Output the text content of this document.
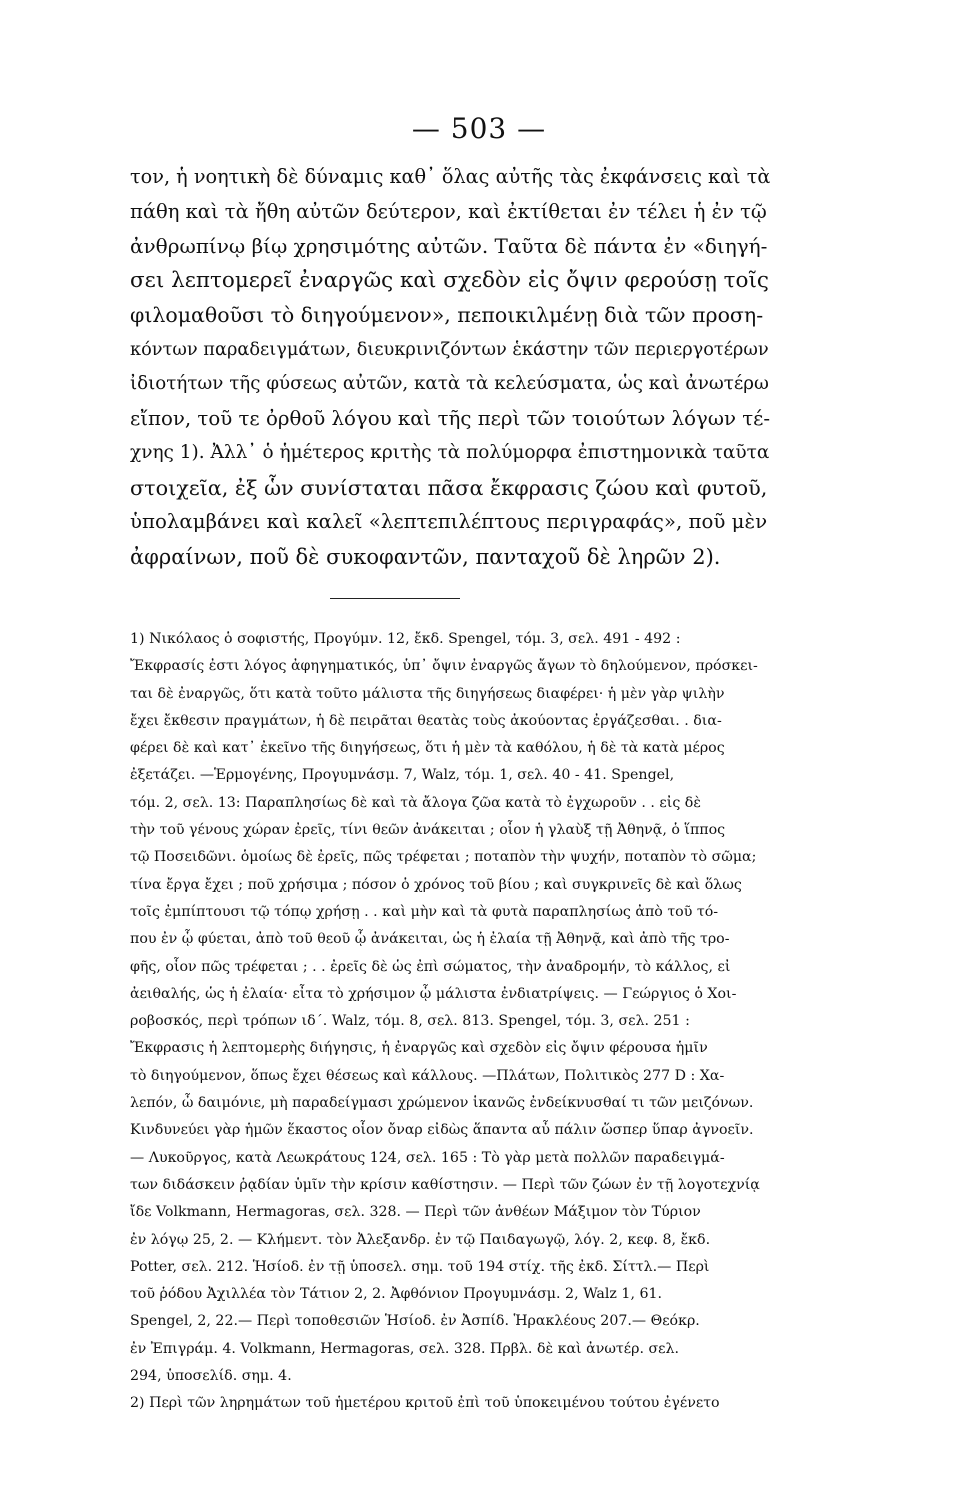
— 503 —
τον, ἡ νοητικὴ δὲ δύναμις καθ᾽ ὅλας αὐτῆς τὰς ἐκφάνσεις καὶ τὰ
πάθη καὶ τὰ ἤθη αὐτῶν δεύτερον, καὶ ἐκτίθεται ἐν τέλει ἡ ἐν τῷ
ἀνθρωπίνῳ βίῳ χρησιμότης αὐτῶν. Ταῦτα δὲ πάντα ἐν «διηγή-
σει λεπτομερεῖ ἐναργῶς καὶ σχεδὸν εἰς ὄψιν φερούσῃ τοῖς
φιλομαθοῦσι τὸ διηγούμενον», πεποικιλμένῃ διὰ τῶν προση-
κόντων παραδειγμάτων, διευκρινιζόντων ἑκάστην τῶν περιεργοτέρων
ἰδιοτήτων τῆς φύσεως αὐτῶν, κατὰ τὰ κελεύσματα, ὡς καὶ ἀνωτέρω
εἴπον, τοῦ τε ὀρθοῦ λόγου καὶ τῆς περὶ τῶν τοιούτων λόγων τέ-
χνης 1). Ἀλλ᾽ ὁ ἡμέτερος κριτὴς τὰ πολύμορφα ἐπιστημονικὰ ταῦτα
στοιχεῖα, ἐξ ὧν συνίσταται πᾶσα ἔκφρασις ζώου καὶ φυτοῦ,
ὑπολαμβάνει καὶ καλεῖ «λεπτεπιλέπτους περιγραφάς», ποῦ μὲν
ἀφραίνων, ποῦ δὲ συκοφαντῶν, πανταχοῦ δὲ ληρῶν 2).
1) Νικόλαος ὁ σοφιστής, Προγύμν. 12, ἔκδ. Spengel, τόμ. 3, σελ. 491 - 492 :
Ἔκφρασίς ἐστι λόγος ἀφηγηματικός, ὑπ᾽ ὄψιν ἐναργῶς ἄγων τὸ δηλούμενον, πρόσκει-
ται δὲ ἐναργῶς, ὅτι κατὰ τοῦτο μάλιστα τῆς διηγήσεως διαφέρει· ἡ μὲν γὰρ ψιλὴν
ἔχει ἔκθεσιν πραγμάτων, ἡ δὲ πειρᾶται θεατὰς τοὺς ἀκούοντας ἐργάζεσθαι. . δια-
φέρει δὲ καὶ κατ᾽ ἐκεῖνο τῆς διηγήσεως, ὅτι ἡ μὲν τὰ καθόλου, ἡ δὲ τὰ κατὰ μέρος
ἐξετάζει. —Ἑρμογένης, Προγυμνάσμ. 7, Walz, τόμ. 1, σελ. 40 - 41. Spengel,
τόμ. 2, σελ. 13: Παραπλησίως δὲ καὶ τὰ ἄλογα ζῶα κατὰ τὸ ἐγχωροῦν . . εἰς δὲ
τὴν τοῦ γένους χώραν ἐρεῖς, τίνι θεῶν ἀνάκειται ; οἷον ἡ γλαὺξ τῇ Ἀθηνᾷ, ὁ ἵππος
τῷ Ποσειδῶνι. ὁμοίως δὲ ἐρεῖς, πῶς τρέφεται ; ποταπὸν τὴν ψυχήν, ποταπὸν τὸ σῶμα;
τίνα ἔργα ἔχει ; ποῦ χρήσιμα ; πόσον ὁ χρόνος τοῦ βίου ; καὶ συγκρινεῖς δὲ καὶ ὅλως
τοῖς ἐμπίπτουσι τῷ τόπῳ χρήσῃ . . καὶ μὴν καὶ τὰ φυτὰ παραπλησίως ἀπὸ τοῦ τό-
που ἐν ᾧ φύεται, ἀπὸ τοῦ θεοῦ ᾧ ἀνάκειται, ὡς ἡ ἐλαία τῇ Ἀθηνᾷ, καὶ ἀπὸ τῆς τρο-
φῆς, οἷον πῶς τρέφεται ; . . ἐρεῖς δὲ ὡς ἐπὶ σώματος, τὴν ἀναδρομήν, τὸ κάλλος, εἰ
ἀειθαλής, ὡς ἡ ἐλαία· εἶτα τὸ χρήσιμον ᾧ μάλιστα ἐνδιατρίψεις. — Γεώργιος ὁ Χοι-
ροβοσκός, περὶ τρόπων ιδ΄. Walz, τόμ. 8, σελ. 813. Spengel, τόμ. 3, σελ. 251 :
Ἔκφρασις ἡ λεπτομερὴς διήγησις, ἡ ἐναργῶς καὶ σχεδὸν εἰς ὄψιν φέρουσα ἡμῖν
τὸ διηγούμενον, ὅπως ἔχει θέσεως καὶ κάλλους. —Πλάτων, Πολιτικὸς 277 D : Χα-
λεπόν, ὦ δαιμόνιε, μὴ παραδείγμασι χρώμενον ἱκανῶς ἐνδείκνυσθαί τι τῶν μειζόνων.
Κινδυνεύει γὰρ ἡμῶν ἕκαστος οἷον ὄναρ εἰδὼς ἅπαντα αὖ πάλιν ὥσπερ ὕπαρ ἀγνοεῖν.
— Λυκοῦργος, κατὰ Λεωκράτους 124, σελ. 165 : Τὸ γὰρ μετὰ πολλῶν παραδειγμά-
των διδάσκειν ῥᾳδίαν ὑμῖν τὴν κρίσιν καθίστησιν. — Περὶ τῶν ζώων ἐν τῇ λογοτεχνίᾳ
ἴδε Volkmann, Hermagoras, σελ. 328. — Περὶ τῶν ἀνθέων Μάξιμον τὸν Τύριον
ἐν λόγῳ 25, 2. — Κλήμεντ. τὸν Ἀλεξανδρ. ἐν τῷ Παιδαγωγῷ, λόγ. 2, κεφ. 8, ἔκδ.
Potter, σελ. 212. Ἡσίοδ. ἐν τῇ ὑποσελ. σημ. τοῦ 194 στίχ. τῆς ἐκδ. Σίττλ.— Περὶ
τοῦ ῥόδου Ἀχιλλέα τὸν Τάτιον 2, 2. Ἀφθόνιον Προγυμνάσμ. 2, Walz 1, 61.
Spengel, 2, 22.— Περὶ τοποθεσιῶν Ἡσίοδ. ἐν Ἀσπίδ. Ἡρακλέους 207.— Θεόκρ.
ἐν Ἐπιγράμ. 4. Volkmann, Hermagoras, σελ. 328. Πρβλ. δὲ καὶ ἀνωτέρ. σελ.
294, ὑποσελίδ. σημ. 4.
2) Περὶ τῶν ληρημάτων τοῦ ἡμετέρου κριτοῦ ἐπὶ τοῦ ὑποκειμένου τούτου ἐγένετο
